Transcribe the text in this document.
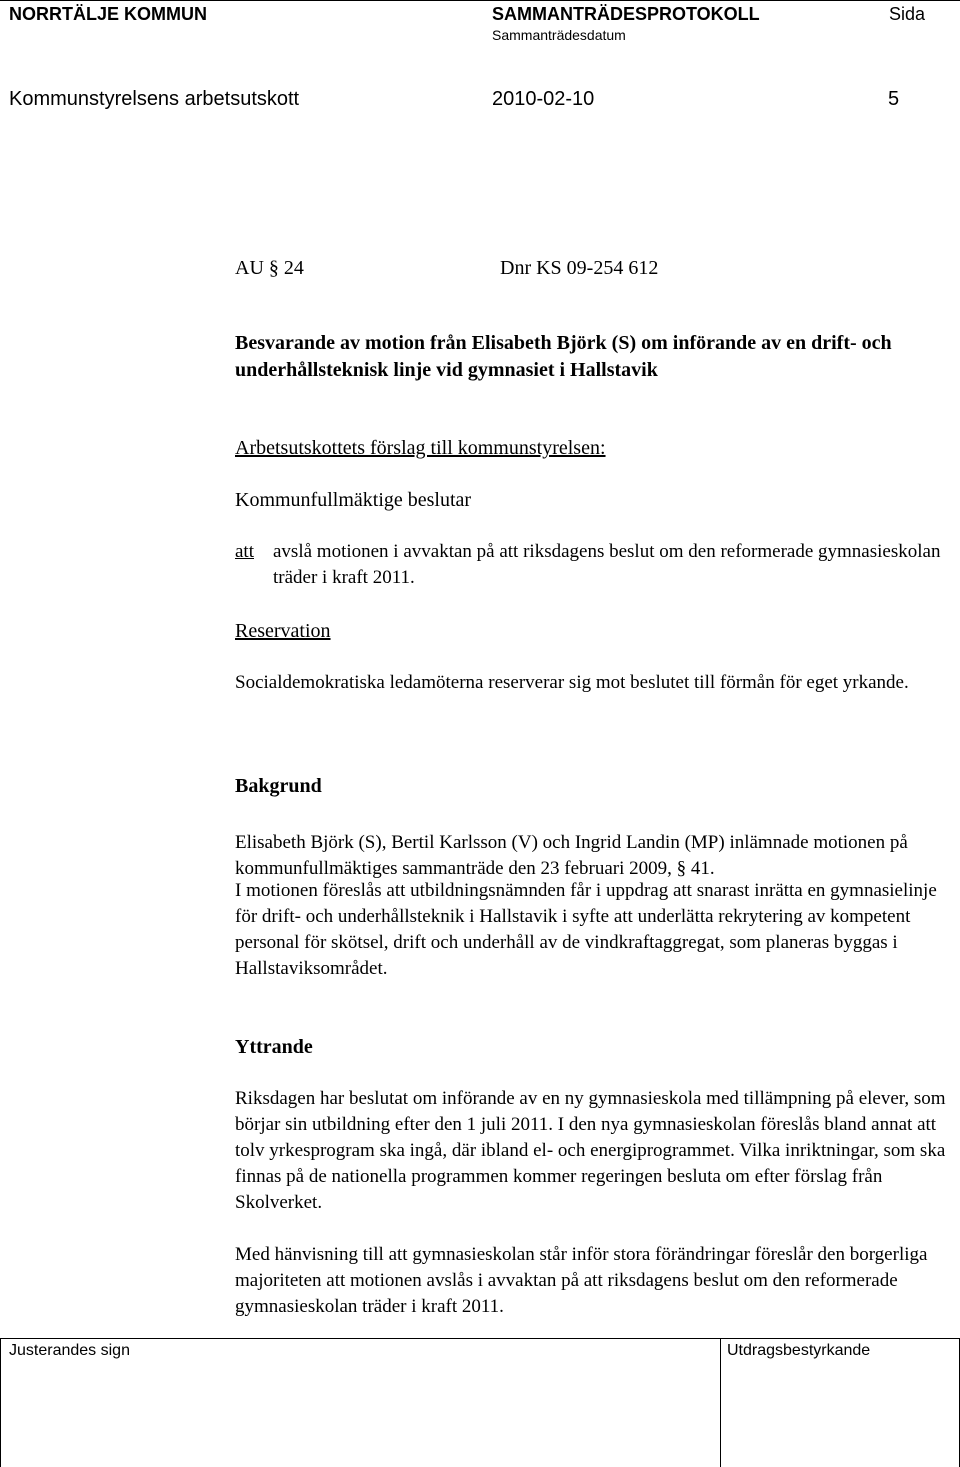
NORRTÄLJE KOMMUN	SAMMANTRÄDESPROTOKOLL	Sida
Sammanträdesdatum
Kommunstyrelsens arbetsutskott	2010-02-10	5
AU § 24	Dnr KS 09-254 612
Besvarande av motion från Elisabeth Björk (S) om införande av en drift- och underhållsteknisk linje vid gymnasiet i Hallstavik
Arbetsutskottets förslag till kommunstyrelsen:
Kommunfullmäktige beslutar
att avslå motionen i avvaktan på att riksdagens beslut om den reformerade gymnasieskolan träder i kraft 2011.
Reservation
Socialdemokratiska ledamöterna reserverar sig mot beslutet till förmån för eget yrkande.
Bakgrund
Elisabeth Björk (S), Bertil Karlsson (V) och Ingrid Landin (MP) inlämnade motionen på kommunfullmäktiges sammanträde den 23 februari 2009, § 41.
I motionen föreslås att utbildningsnämnden får i uppdrag att snarast inrätta en gymnasielinje för drift- och underhållsteknik i Hallstavik i syfte att underlätta rekrytering av kompetent personal för skötsel, drift och underhåll av de vindkraftaggregat, som planeras byggas i Hallstaviksområdet.
Yttrande
Riksdagen har beslutat om införande av en ny gymnasieskola med tillämpning på elever, som börjar sin utbildning efter den 1 juli 2011. I den nya gymnasieskolan föreslås bland annat att tolv yrkesprogram ska ingå, där ibland el- och energiprogrammet. Vilka inriktningar, som ska finnas på de nationella programmen kommer regeringen besluta om efter förslag från Skolverket.
Med hänvisning till att gymnasieskolan står inför stora förändringar föreslår den borgerliga majoriteten att motionen avslås i avvaktan på att riksdagens beslut om den reformerade gymnasieskolan träder i kraft 2011.
Justerandes sign	Utdragsbestyrkande
